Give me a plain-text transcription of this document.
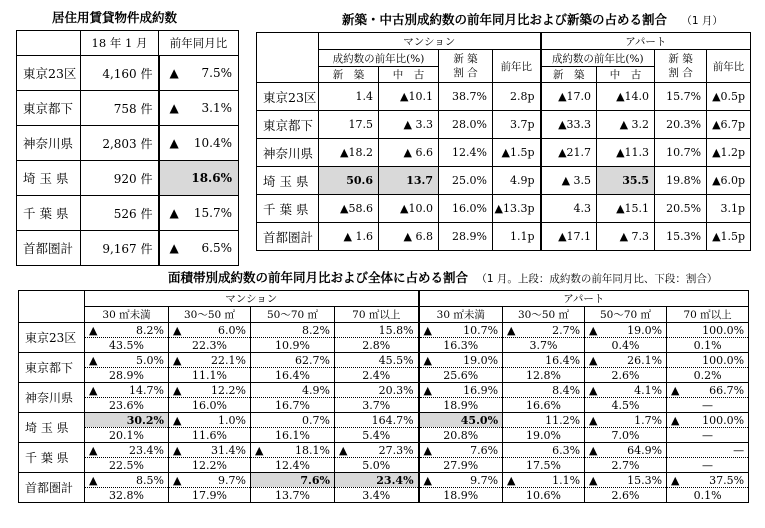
居住用賃貸物件成約数	新築・中古別成約数の前年同月比および新築の占める割合 （1 月）
面積帯別成約数の前年同月比および全体に占める割合 （1 月。上段：成約数の前年同月比、下段：割合）
	18 年 1 月	前年同月比
東京23区	4,160 件	▲ 7.5%

東京都下	758 件	▲ 3.1%

神奈川県	2,803 件	▲ 10.4%

埼 玉 県	920 件	18.6%

千 葉 県	526 件	▲ 15.7%

首都圏計	9,167 件	▲ 6.5%
	マンション				アパート			
	成約数の前年比(%)		新 築 割 合	前年比	成約数の前年比(%)		新 築 割 合	前年比
	新　築	中　古			新　築	中　古		
東京23区	1.4	▲10.1	38.7%	2.8p	▲17.0	▲14.0	15.7%	▲0.5p
東京都下	17.5	▲ 3.3	28.0%	3.7p	▲33.3	▲ 3.2	20.3%	▲6.7p
神奈川県	▲18.2	▲ 6.6	12.4%	▲1.5p	▲21.7	▲11.3	10.7%	▲1.2p
埼 玉 県	50.6	13.7	25.0%	4.9p	▲ 3.5	35.5	19.8%	▲6.0p
千 葉 県	▲58.6	▲10.0	16.0%	▲13.3p	4.3	▲15.1	20.5%	3.1p
首都圏計	▲ 1.6	▲ 6.8	28.9%	1.1p	▲17.1	▲ 7.3	15.3%	▲1.5p
	マンション				アパート			
	30 ㎡未満	30～50 ㎡	50～70 ㎡	70 ㎡以上	30 ㎡未満	30～50 ㎡	50～70 ㎡	70 ㎡以上
東京23区	▲ 8.2%	▲ 6.0%	8.2%	15.8%	▲ 10.7%	▲ 2.7%	▲ 19.0%	100.0%

	43.5%	22.3%	10.9%	2.8%	16.3%	3.7%	0.4%	0.1%
東京都下	▲ 5.0%	▲ 22.1%	62.7%	45.5%	▲ 19.0%	16.4%	▲ 26.1%	100.0%

	28.9%	11.1%	16.4%	2.4%	25.6%	12.8%	2.6%	0.2%
神奈川県	▲ 14.7%	▲ 12.2%	4.9%	20.3%	▲ 16.9%	8.4%	▲ 4.1%	▲ 66.7%

	23.6%	16.0%	16.7%	3.7%	18.9%	16.6%	4.5%	—
埼 玉 県	30.2%	▲ 1.0%	0.7%	164.7%	45.0%	11.2%	▲ 1.7%	▲ 100.0%

	20.1%	11.6%	16.1%	5.4%	20.8%	19.0%	7.0%	—
千 葉 県	▲ 23.4%	▲ 31.4%	▲ 18.1%	▲ 27.3%	▲ 7.6%	6.3%	▲ 64.9%	—

	22.5%	12.2%	12.4%	5.0%	27.9%	17.5%	2.7%	—
首都圏計	▲ 8.5%	▲ 9.7%	7.6%	23.4%	▲ 9.7%	▲ 1.1%	▲ 15.3%	▲ 37.5%

	32.8%	17.9%	13.7%	3.4%	18.9%	10.6%	2.6%	0.1%
